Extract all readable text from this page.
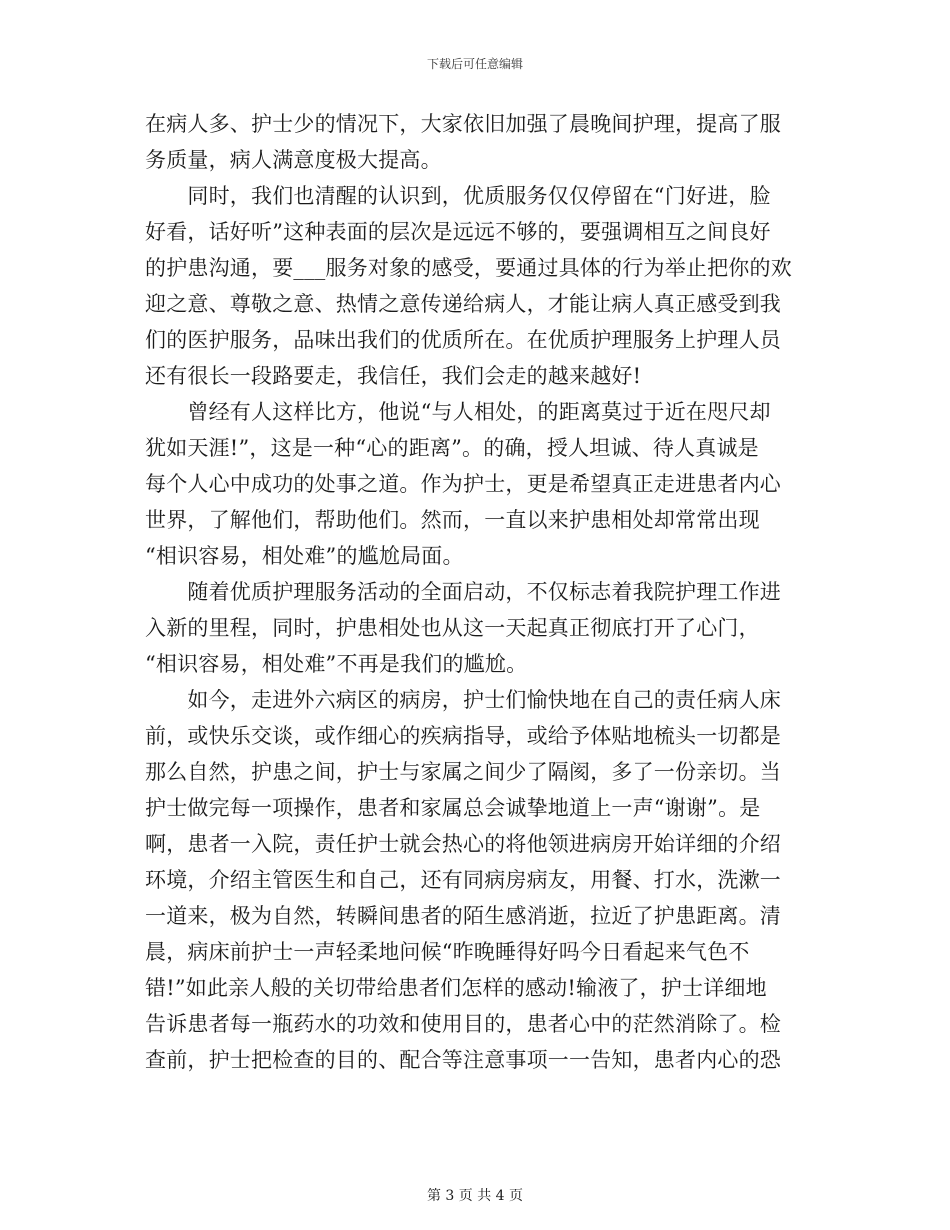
下载后可任意编辑
在病人多、护士少的情况下，大家依旧加强了晨晚间护理，提高了服
务质量，病人满意度极大提高。
　　同时，我们也清醒的认识到，优质服务仅仅停留在“门好进，脸
好看，话好听”这种表面的层次是远远不够的，要强调相互之间良好
的护患沟通，要___服务对象的感受，要通过具体的行为举止把你的欢
迎之意、尊敬之意、热情之意传递给病人，才能让病人真正感受到我
们的医护服务，品味出我们的优质所在。在优质护理服务上护理人员
还有很长一段路要走，我信任，我们会走的越来越好!
　　曾经有人这样比方，他说“与人相处，的距离莫过于近在咫尺却
犹如天涯!”，这是一种“心的距离”。的确，授人坦诚、待人真诚是
每个人心中成功的处事之道。作为护士，更是希望真正走进患者内心
世界，了解他们，帮助他们。然而，一直以来护患相处却常常出现
“相识容易，相处难”的尴尬局面。
　　随着优质护理服务活动的全面启动，不仅标志着我院护理工作进
入新的里程，同时，护患相处也从这一天起真正彻底打开了心门，
“相识容易，相处难”不再是我们的尴尬。
　　如今，走进外六病区的病房，护士们愉快地在自己的责任病人床
前，或快乐交谈，或作细心的疾病指导，或给予体贴地梳头一切都是
那么自然，护患之间，护士与家属之间少了隔阂，多了一份亲切。当
护士做完每一项操作，患者和家属总会诚挚地道上一声“谢谢”。是
啊，患者一入院，责任护士就会热心的将他领进病房开始详细的介绍
环境，介绍主管医生和自己，还有同病房病友，用餐、打水，洗漱一
一道来，极为自然，转瞬间患者的陌生感消逝，拉近了护患距离。清
晨，病床前护士一声轻柔地问候“昨晚睡得好吗今日看起来气色不
错!”如此亲人般的关切带给患者们怎样的感动!输液了，护士详细地
告诉患者每一瓶药水的功效和使用目的，患者心中的茫然消除了。检
查前，护士把检查的目的、配合等注意事项一一告知，患者内心的恐
第 3 页 共 4 页
